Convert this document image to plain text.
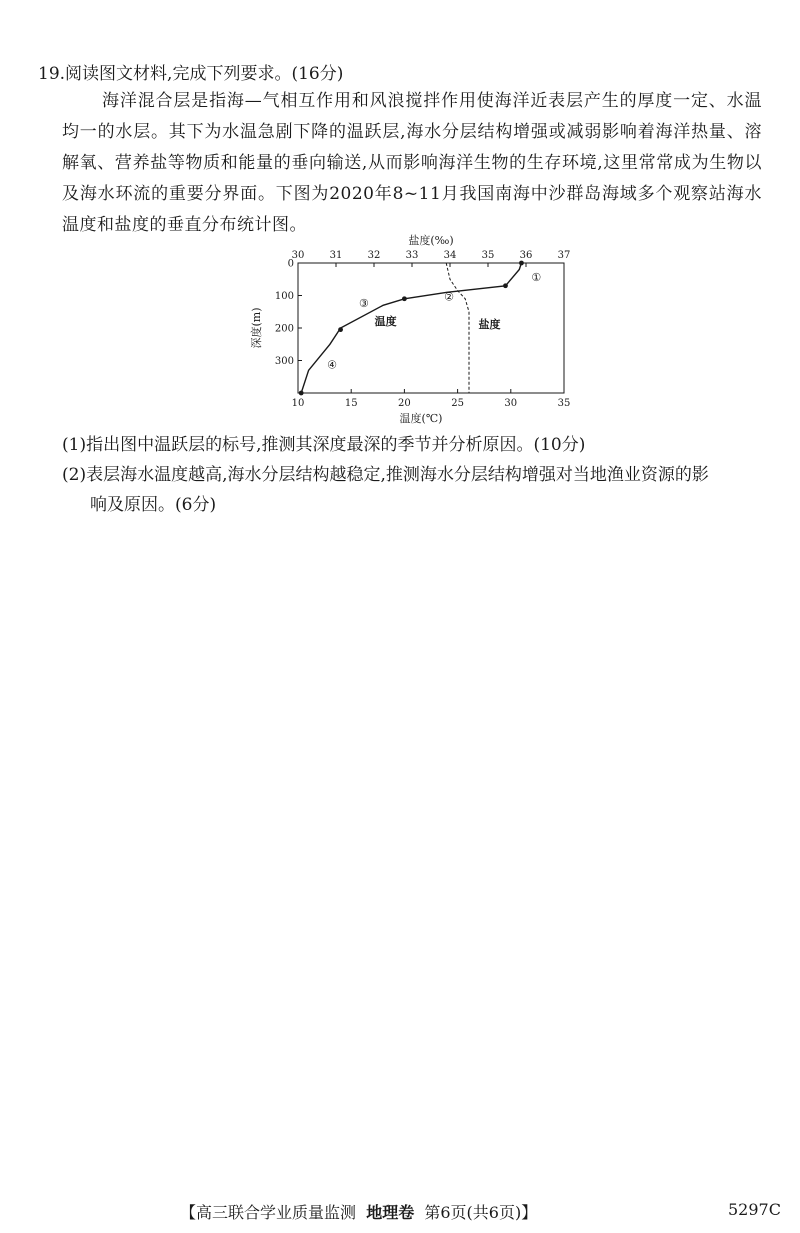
19.阅读图文材料,完成下列要求。(16分)
海洋混合层是指海—气相互作用和风浪搅拌作用使海洋近表层产生的厚度一定、水温均一的水层。其下为水温急剧下降的温跃层,海水分层结构增强或减弱影响着海洋热量、溶解氧、营养盐等物质和能量的垂向输送,从而影响海洋生物的生存环境,这里常常成为生物以及海水环流的重要分界面。下图为2020年8~11月我国南海中沙群岛海域多个观察站海水温度和盐度的垂直分布统计图。
30	31	32	33	34	35	36	37
盐度(‰)
10	15	20	25	30	35
温度(℃)
0
100
200
300
深度(m)	温度	盐度
①
②
③
④
(1)指出图中温跃层的标号,推测其深度最深的季节并分析原因。(10分)
(2)表层海水温度越高,海水分层结构越稳定,推测海水分层结构增强对当地渔业资源的影
响及原因。(6分)
【高三联合学业质量监测 地理卷 第6页(共6页)】	5297C
